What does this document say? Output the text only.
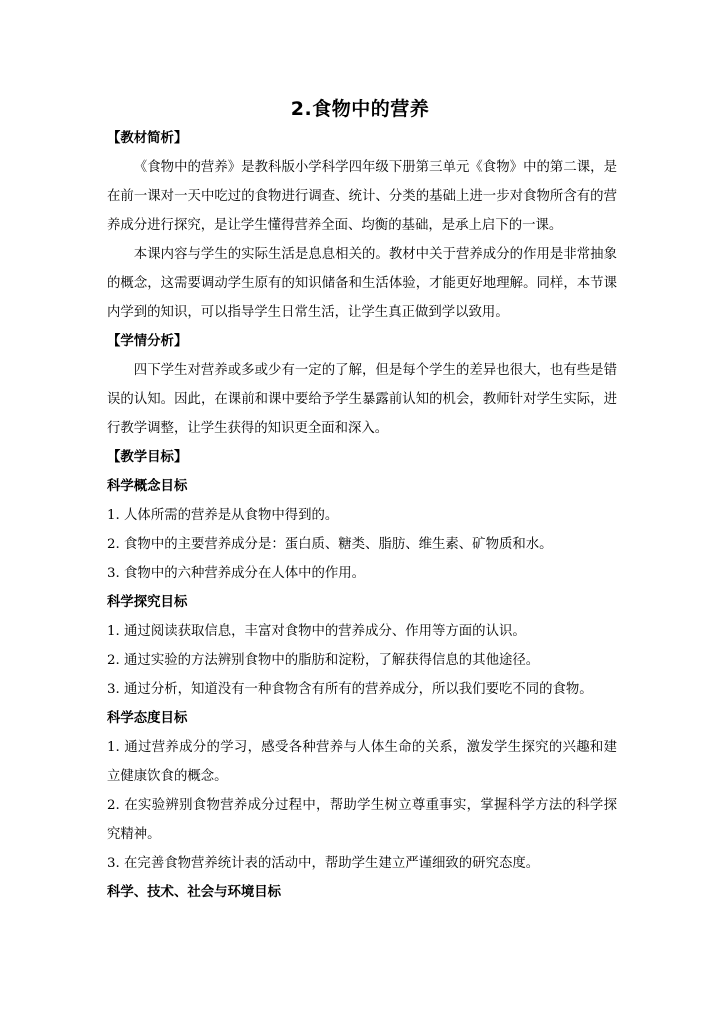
2.食物中的营养

【教材简析】

《食物中的营养》是教科版小学科学四年级下册第三单元《食物》中的第二课，是在前一课对一天中吃过的食物进行调查、统计、分类的基础上进一步对食物所含有的营养成分进行探究，是让学生懂得营养全面、均衡的基础，是承上启下的一课。

本课内容与学生的实际生活是息息相关的。教材中关于营养成分的作用是非常抽象的概念，这需要调动学生原有的知识储备和生活体验，才能更好地理解。同样，本节课内学到的知识，可以指导学生日常生活，让学生真正做到学以致用。

【学情分析】

四下学生对营养或多或少有一定的了解，但是每个学生的差异也很大，也有些是错误的认知。因此，在课前和课中要给予学生暴露前认知的机会，教师针对学生实际，进行教学调整，让学生获得的知识更全面和深入。

【教学目标】

科学概念目标

1. 人体所需的营养是从食物中得到的。

2. 食物中的主要营养成分是：蛋白质、糖类、脂肪、维生素、矿物质和水。

3. 食物中的六种营养成分在人体中的作用。

科学探究目标

1. 通过阅读获取信息，丰富对食物中的营养成分、作用等方面的认识。

2. 通过实验的方法辨别食物中的脂肪和淀粉，了解获得信息的其他途径。

3. 通过分析，知道没有一种食物含有所有的营养成分，所以我们要吃不同的食物。

科学态度目标

1. 通过营养成分的学习，感受各种营养与人体生命的关系，激发学生探究的兴趣和建立健康饮食的概念。

2. 在实验辨别食物营养成分过程中，帮助学生树立尊重事实，掌握科学方法的科学探究精神。

3. 在完善食物营养统计表的活动中，帮助学生建立严谨细致的研究态度。

科学、技术、社会与环境目标
